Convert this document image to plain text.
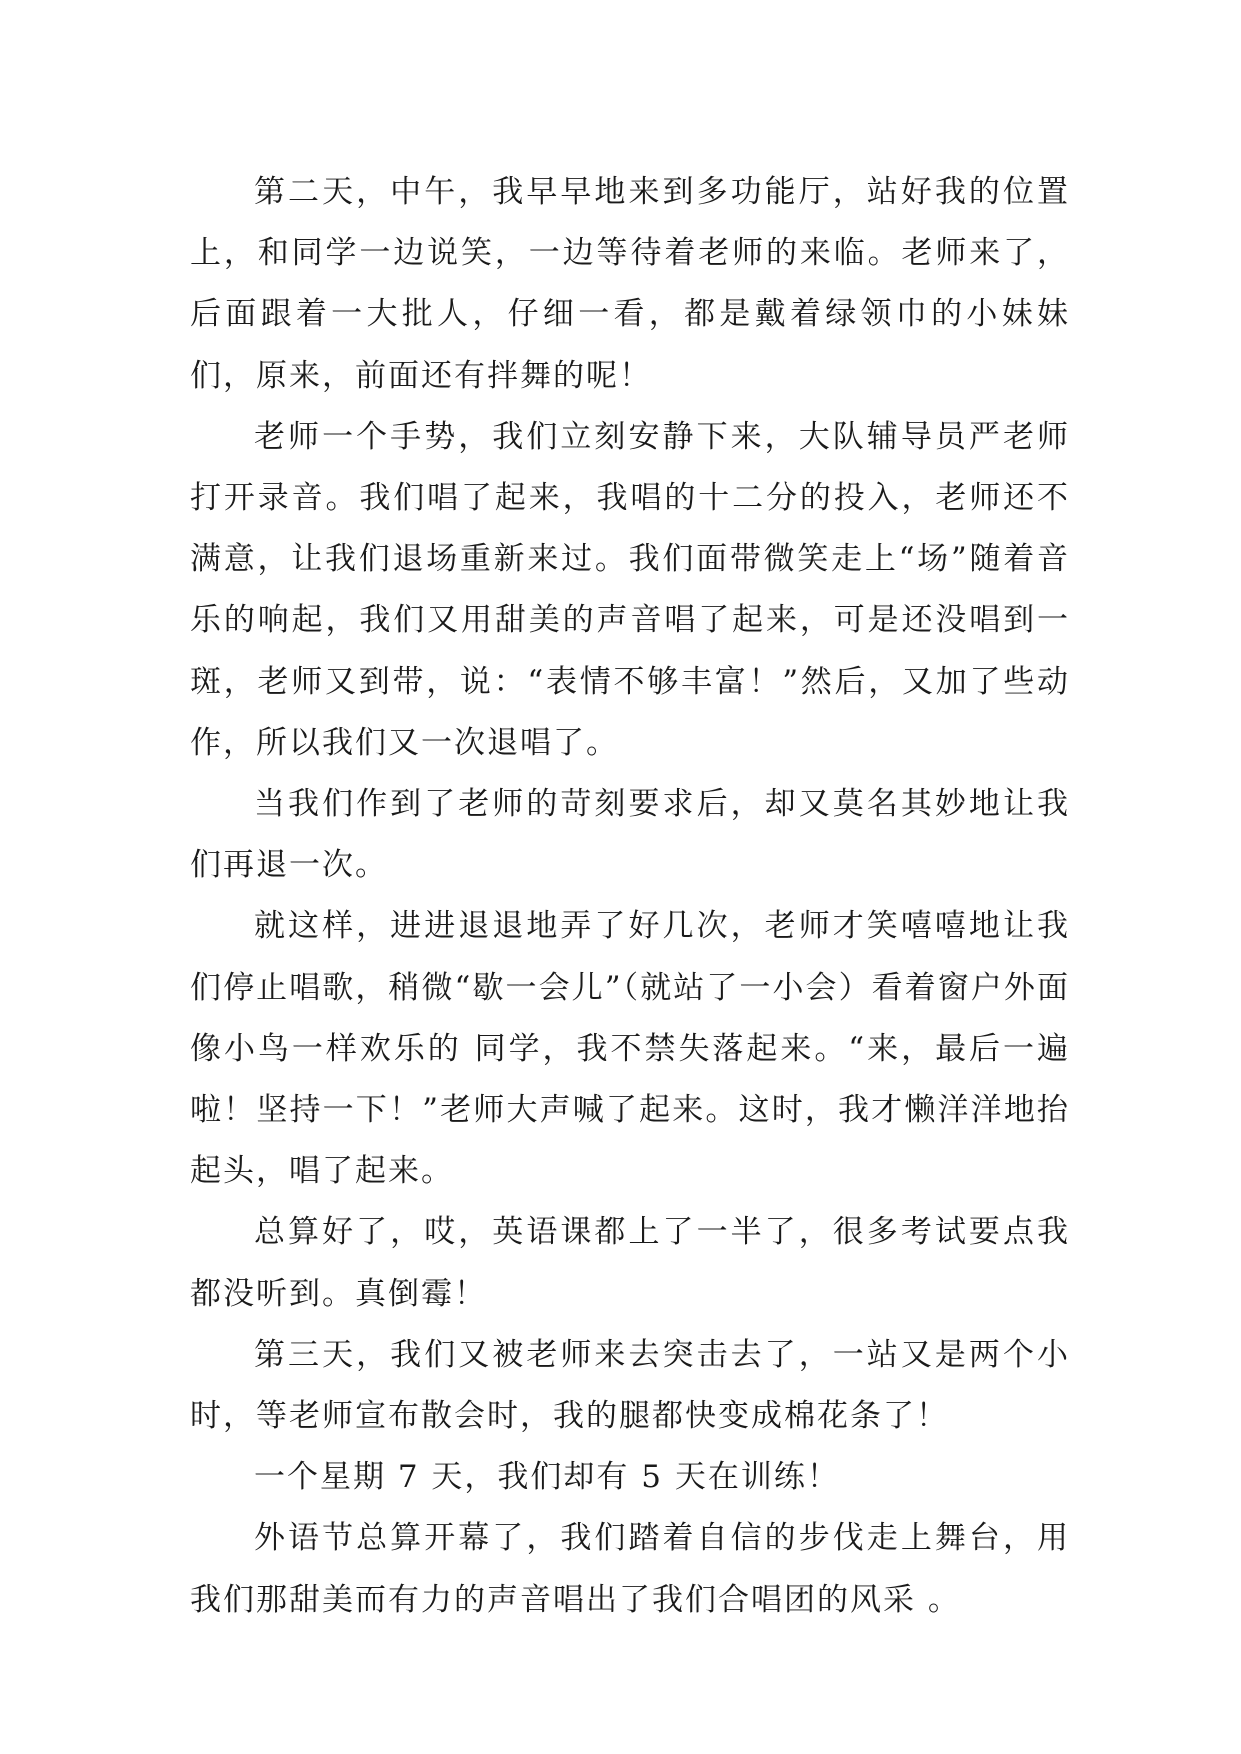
第二天，中午，我早早地来到多功能厅，站好我的位置上，和同学一边说笑，一边等待着老师的来临。老师来了，后面跟着一大批人，仔细一看，都是戴着绿领巾的小妹妹们，原来，前面还有拌舞的呢！

老师一个手势，我们立刻安静下来，大队辅导员严老师打开录音。我们唱了起来，我唱的十二分的投入，老师还不满意，让我们退场重新来过。我们面带微笑走上“场”随着音乐的响起，我们又用甜美的声音唱了起来，可是还没唱到一斑，老师又到带，说：“表情不够丰富！”然后，又加了些动作，所以我们又一次退唱了。

当我们作到了老师的苛刻要求后，却又莫名其妙地让我们再退一次。

就这样，进进退退地弄了好几次，老师才笑嘻嘻地让我们停止唱歌，稍微“歇一会儿”（就站了一小会）看着窗户外面像小鸟一样欢乐的 同学，我不禁失落起来。“来，最后一遍啦！坚持一下！”老师大声喊了起来。这时，我才懒洋洋地抬起头，唱了起来。

总算好了，哎，英语课都上了一半了，很多考试要点我都没听到。真倒霉！

第三天，我们又被老师来去突击去了，一站又是两个小时，等老师宣布散会时，我的腿都快变成棉花条了！

一个星期 7 天，我们却有 5 天在训练！

外语节总算开幕了，我们踏着自信的步伐走上舞台，用我们那甜美而有力的声音唱出了我们合唱团的风采 。
